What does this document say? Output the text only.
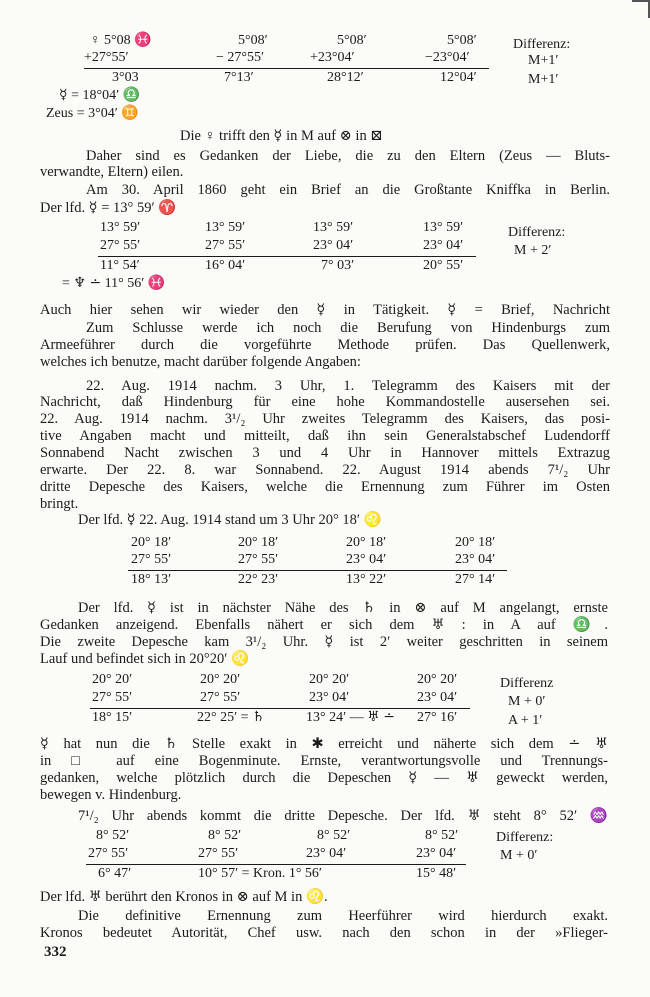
♀ 5°08 ♓	5°08′	5°08′	5°08′	Differenz:
+27°55′	− 27°55′	+23°04′	−23°04′	M+1′
3°03	7°13′	28°12′	12°04′	M+1′
☿ = 18°04′ ♎
Zeus = 3°04′ ♊
Die ♀ trifft den ☿ in M auf ⊗ in ⊠
Daher sind es Gedanken der Liebe, die zu den Eltern (Zeus — Bluts-
verwandte, Eltern) eilen.
Am 30. April 1860 geht ein Brief an die Großtante Kniffka in Berlin.
Der lfd. ☿ = 13° 59′ ♈
13° 59′	13° 59′	13° 59′	13° 59′	Differenz:
27° 55′	27° 55′	23° 04′	23° 04′	M + 2′
11° 54′	16° 04′	7° 03′	20° 55′
= ♆ ∸ 11° 56′ ♓
Auch hier sehen wir wieder den ☿ in Tätigkeit. ☿ = Brief, Nachricht
Zum Schlusse werde ich noch die Berufung von Hindenburgs zum
Armeeführer durch die vorgeführte Methode prüfen. Das Quellenwerk,
welches ich benutze, macht darüber folgende Angaben:
22. Aug. 1914 nachm. 3 Uhr, 1. Telegramm des Kaisers mit der
Nachricht, daß Hindenburg für eine hohe Kommandostelle ausersehen sei.
22. Aug. 1914 nachm. 3¹/₂ Uhr zweites Telegramm des Kaisers, das posi-
tive Angaben macht und mitteilt, daß ihn sein Generalstabschef Ludendorff
Sonnabend Nacht zwischen 3 und 4 Uhr in Hannover mittels Extrazug
erwarte. Der 22. 8. war Sonnabend. 22. August 1914 abends 7¹/₂ Uhr
dritte Depesche des Kaisers, welche die Ernennung zum Führer im Osten
bringt.
Der lfd. ☿ 22. Aug. 1914 stand um 3 Uhr 20° 18′ ♌
20° 18′	20° 18′	20° 18′	20° 18′
27° 55′	27° 55′	23° 04′	23° 04′
18° 13′	22° 23′	13° 22′	27° 14′
Der lfd. ☿ ist in nächster Nähe des ♄ in ⊗ auf M angelangt, ernste
Gedanken anzeigend. Ebenfalls nähert er sich dem ♅ : in A auf ♎.
Die zweite Depesche kam 3¹/₂ Uhr. ☿ ist 2′ weiter geschritten in seinem
Lauf und befindet sich in 20°20′ ♌
20° 20′	20° 20′	20° 20′	20° 20′	Differenz
27° 55′	27° 55′	23° 04′	23° 04′	M + 0′
18° 15′	22° 25′ = ♄	13° 24′ — ♅ ∸ 27° 16′	A + 1′
☿ hat nun die ♄ Stelle exakt in ✱ erreicht und näherte sich dem ∸ ♅
in □ auf eine Bogenminute. Ernste, verantwortungsvolle und Trennungs-
gedanken, welche plötzlich durch die Depeschen ☿ — ♅ geweckt werden,
bewegen v. Hindenburg.
7¹/₂ Uhr abends kommt die dritte Depesche. Der lfd. ♅ steht 8° 52′ ♒
8° 52′	8° 52′	8° 52′	8° 52′	Differenz:
27° 55′	27° 55′	23° 04′	23° 04′	M + 0′
6° 47′	10° 57′ = Kron. 1° 56′	15° 48′
Der lfd. ♅ berührt den Kronos in ⊗ auf M in ♌.
Die definitive Ernennung zum Heerführer wird hierdurch exakt.
Kronos bedeutet Autorität, Chef usw. nach den schon in der »Flieger-
332
